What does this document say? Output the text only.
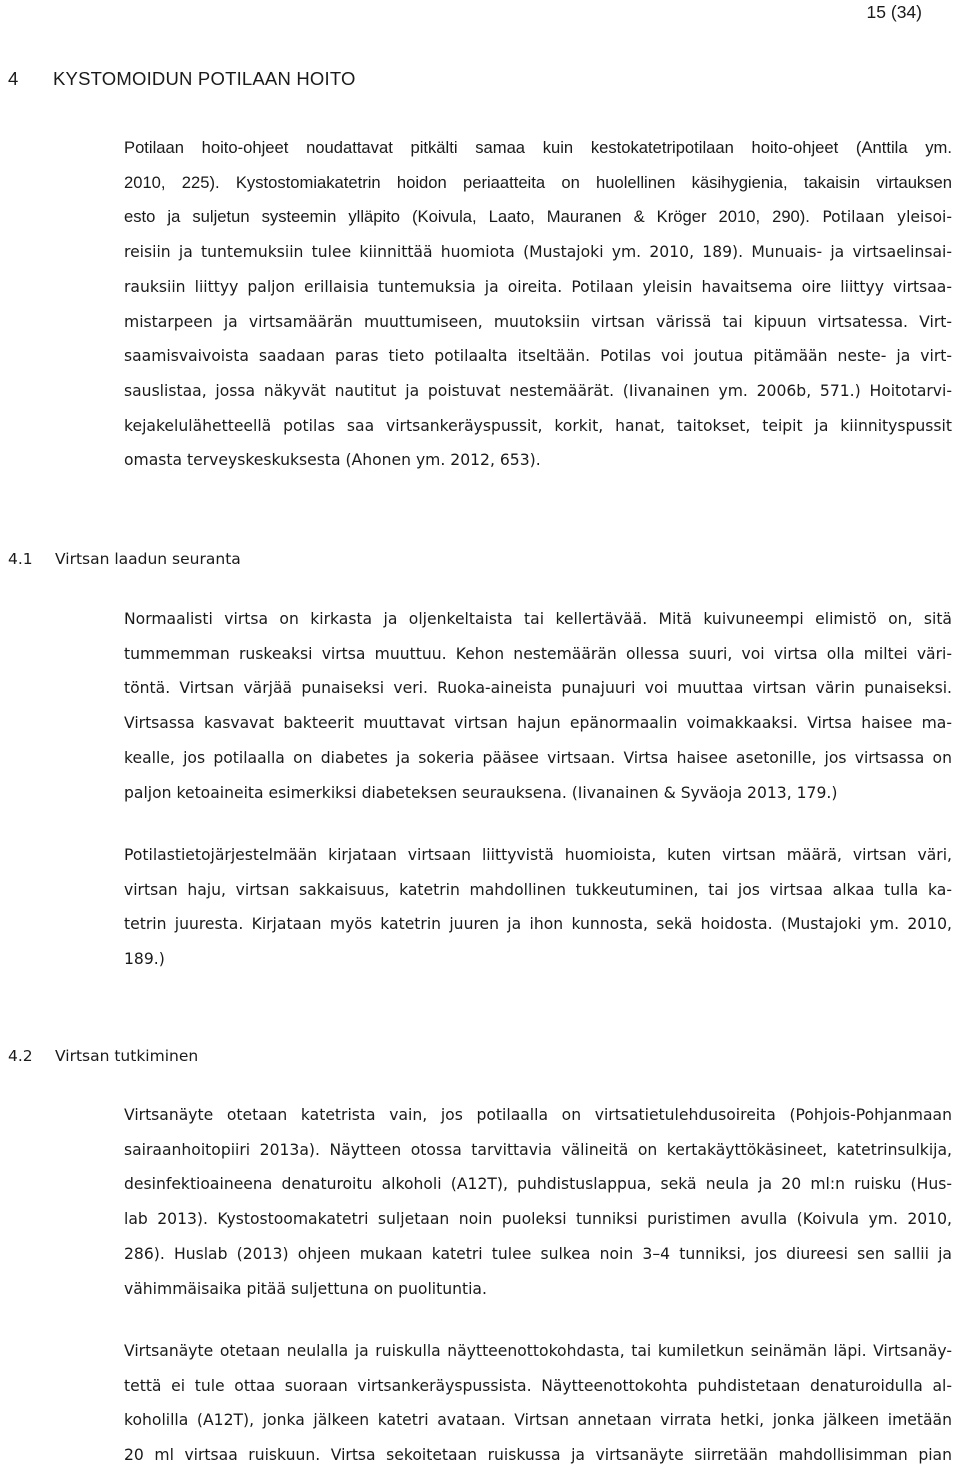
15 (34)
4 KYSTOMOIDUN POTILAAN HOITO
Potilaan hoito-ohjeet noudattavat pitkälti samaa kuin kestokatetripotilaan hoito-ohjeet (Anttila ym.
2010, 225). Kystostomiakatetrin hoidon periaatteita on huolellinen käsihygienia, takaisin virtauksen
esto ja suljetun systeemin ylläpito (Koivula, Laato, Mauranen & Kröger 2010, 290). Potilaan yleisoi-
reisiin ja tuntemuksiin tulee kiinnittää huomiota (Mustajoki ym. 2010, 189). Munuais- ja virtsaelinsai-
rauksiin liittyy paljon erillaisia tuntemuksia ja oireita. Potilaan yleisin havaitsema oire liittyy virtsaa-
mistarpeen ja virtsamäärän muuttumiseen, muutoksiin virtsan värissä tai kipuun virtsatessa. Virt-
saamisvaivoista saadaan paras tieto potilaalta itseltään. Potilas voi joutua pitämään neste- ja virt-
sauslistaa, jossa näkyvät nautitut ja poistuvat nestemäärät. (Iivanainen ym. 2006b, 571.) Hoitotarvi-
kejakelulähetteellä potilas saa virtsankeräyspussit, korkit, hanat, taitokset, teipit ja kiinnityspussit
omasta terveyskeskuksesta (Ahonen ym. 2012, 653).
4.1 Virtsan laadun seuranta
Normaalisti virtsa on kirkasta ja oljenkeltaista tai kellertävää. Mitä kuivuneempi elimistö on, sitä
tummemman ruskeaksi virtsa muuttuu. Kehon nestemäärän ollessa suuri, voi virtsa olla miltei väri-
töntä. Virtsan värjää punaiseksi veri. Ruoka-aineista punajuuri voi muuttaa virtsan värin punaiseksi.
Virtsassa kasvavat bakteerit muuttavat virtsan hajun epänormaalin voimakkaaksi. Virtsa haisee ma-
kealle, jos potilaalla on diabetes ja sokeria pääsee virtsaan. Virtsa haisee asetonille, jos virtsassa on
paljon ketoaineita esimerkiksi diabeteksen seurauksena. (Iivanainen & Syväoja 2013, 179.)
Potilastietojärjestelmään kirjataan virtsaan liittyvistä huomioista, kuten virtsan määrä, virtsan väri,
virtsan haju, virtsan sakkaisuus, katetrin mahdollinen tukkeutuminen, tai jos virtsaa alkaa tulla ka-
tetrin juuresta. Kirjataan myös katetrin juuren ja ihon kunnosta, sekä hoidosta. (Mustajoki ym. 2010,
189.)
4.2 Virtsan tutkiminen
Virtsanäyte otetaan katetrista vain, jos potilaalla on virtsatietulehdusoireita (Pohjois-Pohjanmaan
sairaanhoitopiiri 2013a). Näytteen otossa tarvittavia välineitä on kertakäyttökäsineet, katetrinsulkija,
desinfektioaineena denaturoitu alkoholi (A12T), puhdistuslappua, sekä neula ja 20 ml:n ruisku (Hus-
lab 2013). Kystostoomakatetri suljetaan noin puoleksi tunniksi puristimen avulla (Koivula ym. 2010,
286). Huslab (2013) ohjeen mukaan katetri tulee sulkea noin 3–4 tunniksi, jos diureesi sen sallii ja
vähimmäisaika pitää suljettuna on puolituntia.
Virtsanäyte otetaan neulalla ja ruiskulla näytteenottokohdasta, tai kumiletkun seinämän läpi. Virtsanäy-
tettä ei tule ottaa suoraan virtsankeräyspussista. Näytteenottokohta puhdistetaan denaturoidulla al-
koholilla (A12T), jonka jälkeen katetri avataan. Virtsan annetaan virrata hetki, jonka jälkeen imetään
20 ml virtsaa ruiskuun. Virtsa sekoitetaan ruiskussa ja virtsanäyte siirretään mahdollisimman pian
